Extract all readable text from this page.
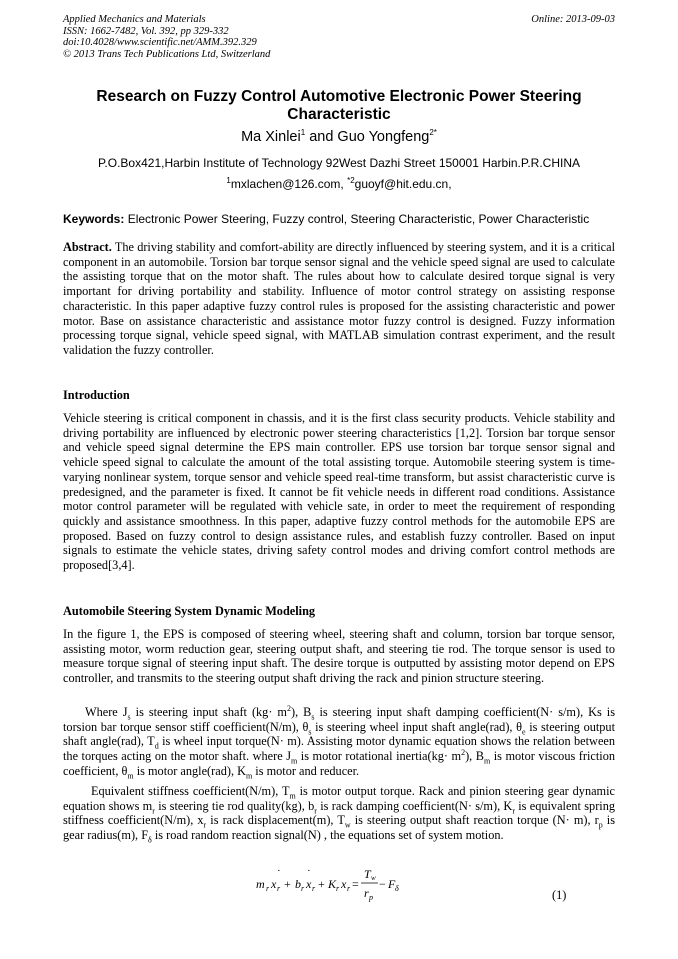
Applied Mechanics and Materials
ISSN: 1662-7482, Vol. 392, pp 329-332
doi:10.4028/www.scientific.net/AMM.392.329
© 2013 Trans Tech Publications Ltd, Switzerland
Online: 2013-09-03
Research on Fuzzy Control Automotive Electronic Power Steering Characteristic
Ma Xinlei$^1$ and Guo Yongfeng$^{2*}$
P.O.Box421,Harbin Institute of Technology 92West Dazhi Street 150001 Harbin.P.R.CHINA
$^1$mxlachen@126.com, $^{*2}$guoyf@hit.edu.cn,
Keywords: Electronic Power Steering, Fuzzy control, Steering Characteristic, Power Characteristic

Abstract. The driving stability and comfort-ability are directly influenced by steering system, and it is a critical component in an automobile. Torsion bar torque sensor signal and the vehicle speed signal are used to calculate the assisting torque that on the motor shaft. The rules about how to calculate desired torque signal is very important for driving portability and stability. Influence of motor control strategy on assisting response characteristic. In this paper adaptive fuzzy control rules is proposed for the assisting characteristic and power motor. Base on assistance characteristic and assistance motor fuzzy control is designed. Fuzzy information processing torque signal, vehicle speed signal, with MATLAB simulation contrast experiment, and the result validation the fuzzy controller.

Introduction

Vehicle steering is critical component in chassis, and it is the first class security products. Vehicle stability and driving portability are influenced by electronic power steering characteristics [1,2]. Torsion bar torque sensor and vehicle speed signal determine the EPS main controller. EPS use torsion bar torque sensor signal and vehicle speed signal to calculate the amount of the total assisting torque. Automobile steering system is time-varying nonlinear system, torque sensor and vehicle speed real-time transform, but assist characteristic curve is predesigned, and the parameter is fixed. It cannot be fit vehicle needs in different road conditions. Assistance motor control parameter will be regulated with vehicle sate, in order to meet the requirement of responding quickly and assistance smoothness. In this paper, adaptive fuzzy control methods for the automobile EPS are proposed. Based on fuzzy control to design assistance rules, and establish fuzzy controller. Based on input signals to estimate the vehicle states, driving safety control modes and driving comfort control methods are proposed[3,4].

Automobile Steering System Dynamic Modeling

In the figure 1, the EPS is composed of steering wheel, steering shaft and column, torsion bar torque sensor, assisting motor, worm reduction gear, steering output shaft, and steering tie rod. The torque sensor is used to measure torque signal of steering input shaft. The desire torque is outputted by assisting motor depend on EPS controller, and transmits to the steering output shaft driving the rack and pinion structure steering.

Where $J_s$ is steering input shaft $(kg\cdot m^2)$, $B_s$ is steering input shaft damping coefficient(N· s/m), Ks is torsion bar torque sensor stiff coefficient(N/m), $\theta_s$ is steering wheel input shaft angle(rad), $\theta_e$ is steering output shaft angle(rad), $T_d$ is wheel input torque(N· m). Assisting motor dynamic equation shows the relation between the torques acting on the motor shaft. where $J_m$ is motor rotational inertia(kg· $m^2$), $B_m$ is motor viscous friction coefficient, $\theta_m$ is motor angle(rad), $K_m$ is motor and reducer.

Equivalent stiffness coefficient(N/m), $T_m$ is motor output torque. Rack and pinion steering gear dynamic equation shows $m_r$ is steering tie rod quality(kg), $b_r$ is rack damping coefficient(N· s/m), $K_r$ is equivalent spring stiffness coefficient(N/m), $x_r$ is rack displacement(m), $T_w$ is steering output shaft reaction torque (N· m), $r_p$ is gear radius(m), $F_\delta$ is road random reaction signal(N) , the equations set of system motion.

· ·
m r x r + b r x r + K r x r =
T w
r p
− F δ	(1)
